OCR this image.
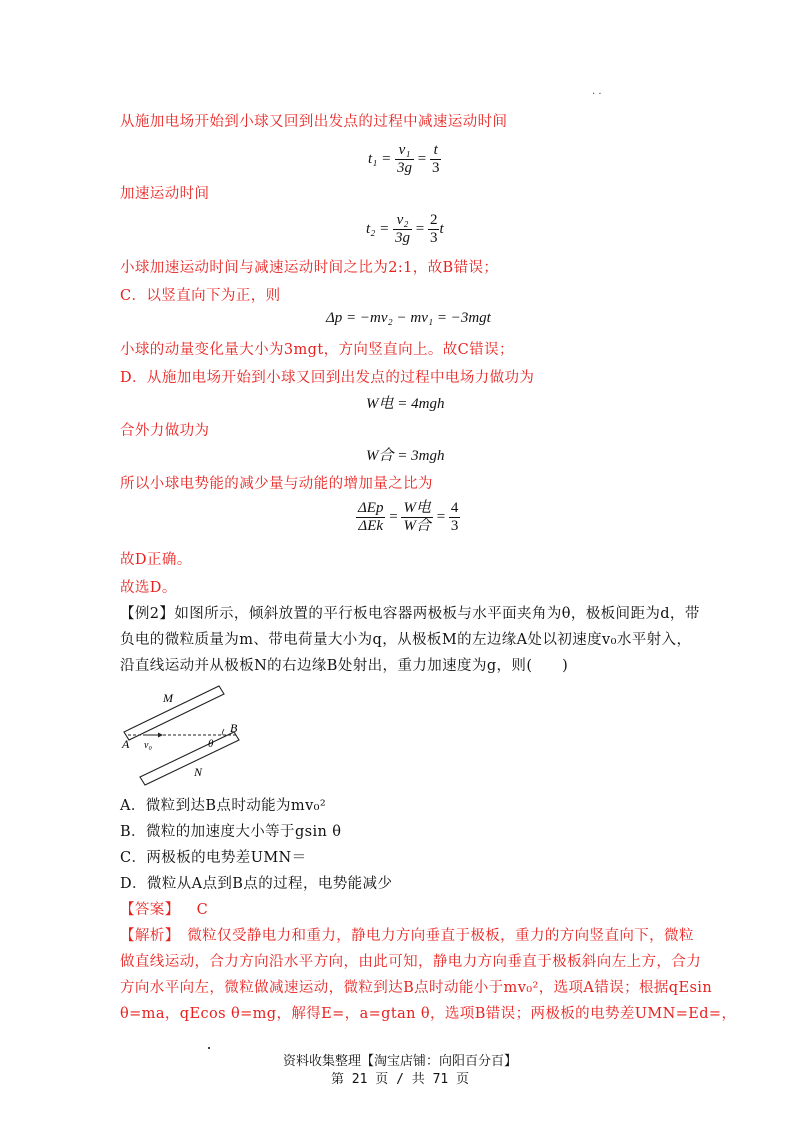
. .
从施加电场开始到小球又回到出发点的过程中减速运动时间
$t_1 = \frac{\text{v₁}}{3g} = \frac{t}{3}$
加速运动时间
$t_2 = \frac{\text{v₂}}{3g} = \frac{2}{3}$ t
小球加速运动时间与减速运动时间之比为2:1，故B错误；
C．以竖直向下为正，则
Δp = −mv₂ − mv₁ = −3mgt
小球的动量变化量大小为3mgt，方向竖直向上。故C错误；
D．从施加电场开始到小球又回到出发点的过程中电场力做功为
W电 = 4mgh
合外力做功为
W合 = 3mgh
所以小球电势能的减少量与动能的增加量之比为
$\frac{\text{ΔEp}}{\text{ΔEk}} = \frac{\text{W电}}{\text{W合}} = \frac{4}{3}$
故D正确。
故选D。
【例2】如图所示，倾斜放置的平行板电容器两极板与水平面夹角为θ，极板间距为d，带
负电的微粒质量为m、带电荷量大小为q，从极板M的左边缘A处以初速度v₀水平射入，
沿直线运动并从极板N的右边缘B处射出，重力加速度为g，则(　　)
M
N
A
B
v₀	θ
A．微粒到达B点时动能为mv₀²
B．微粒的加速度大小等于gsin θ
C．两极板的电势差UMN＝
D．微粒从A点到B点的过程，电势能减少
【答案】 C
【解析】　微粒仅受静电力和重力，静电力方向垂直于极板，重力的方向竖直向下，微粒
做直线运动，合力方向沿水平方向，由此可知，静电力方向垂直于极板斜向左上方，合力
方向水平向左，微粒做减速运动，微粒到达B点时动能小于mv₀²，选项A错误；根据qEsin
θ=ma，qEcos θ=mg，解得E=，a=gtan θ，选项B错误；两极板的电势差UMN=Ed=，
.
资料收集整理【淘宝店铺：向阳百分百】
第 21 页 / 共 71 页
